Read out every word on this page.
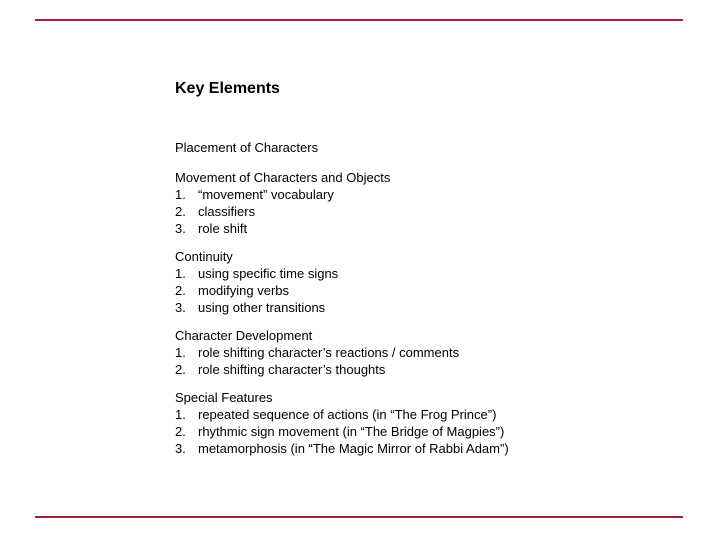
Key Elements
Placement of Characters
Movement of Characters and Objects
1. “movement” vocabulary
2. classifiers
3. role shift
Continuity
1. using specific time signs
2. modifying verbs
3. using other transitions
Character Development
1. role shifting character’s reactions / comments
2. role shifting character’s thoughts
Special Features
1. repeated sequence of actions (in “The Frog Prince”)
2. rhythmic sign movement (in “The Bridge of Magpies”)
3. metamorphosis (in “The Magic Mirror of Rabbi Adam”)
